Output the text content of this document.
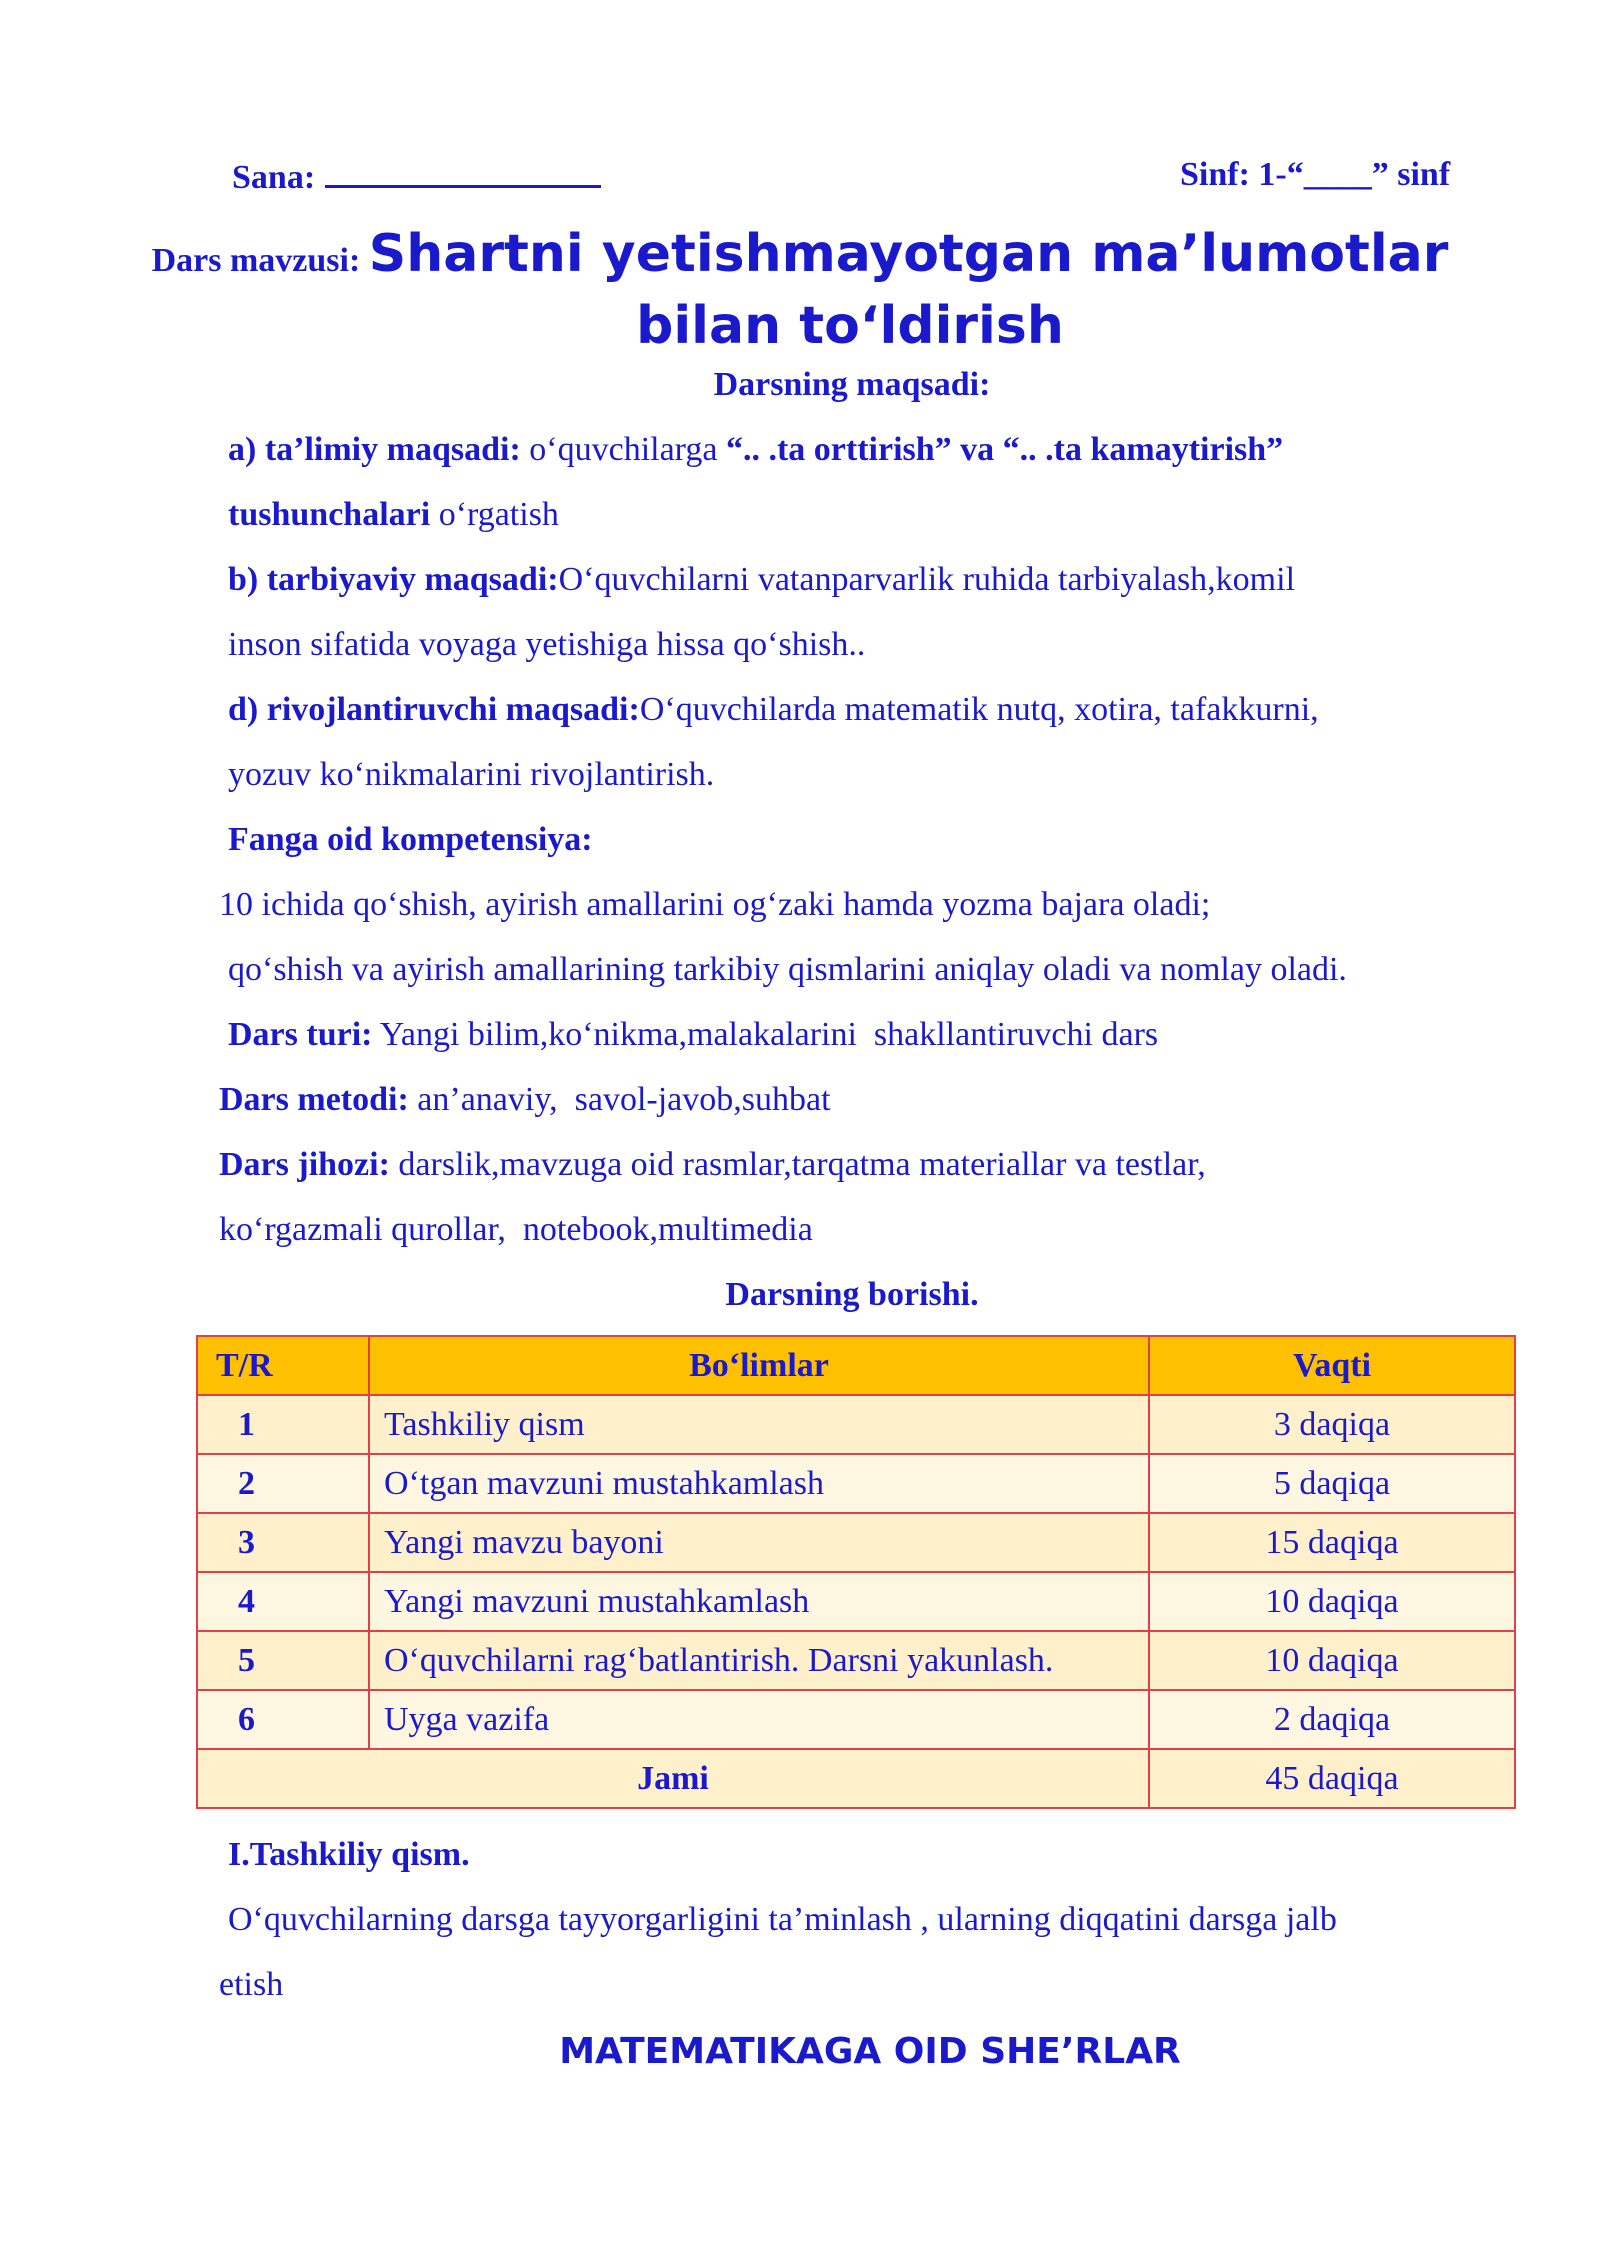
Sana:	Sinf: 1-“____” sinf
Dars mavzusi: Shartni yetishmayotgan ma’lumotlar
bilan to‘ldirish
Darsning maqsadi:
a) ta’limiy maqsadi: o‘quvchilarga “.. .ta orttirish” va “.. .ta kamaytirish”
tushunchalari o‘rgatish
b) tarbiyaviy maqsadi:O‘quvchilarni vatanparvarlik ruhida tarbiyalash,komil
inson sifatida voyaga yetishiga hissa qo‘shish..
d) rivojlantiruvchi maqsadi:O‘quvchilarda matematik nutq, xotira, tafakkurni,
yozuv ko‘nikmalarini rivojlantirish.
Fanga oid kompetensiya:
10 ichida qo‘shish, ayirish amallarini og‘zaki hamda yozma bajara oladi;
qo‘shish va ayirish amallarining tarkibiy qismlarini aniqlay oladi va nomlay oladi.
Dars turi: Yangi bilim,ko‘nikma,malakalarini  shakllantiruvchi dars
Dars metodi: an’anaviy,  savol-javob,suhbat
Dars jihozi: darslik,mavzuga oid rasmlar,tarqatma materiallar va testlar,
ko‘rgazmali qurollar,  notebook,multimedia
Darsning borishi.
T/R	Bo‘limlar	Vaqti
1	Tashkiliy qism	3 daqiqa
2	O‘tgan mavzuni mustahkamlash	5 daqiqa
3	Yangi mavzu bayoni	15 daqiqa
4	Yangi mavzuni mustahkamlash	10 daqiqa
5	O‘quvchilarni rag‘batlantirish. Darsni yakunlash.	10 daqiqa
6	Uyga vazifa	2 daqiqa
Jami		45 daqiqa
I.Tashkiliy qism.
O‘quvchilarning darsga tayyorgarligini ta’minlash , ularning diqqatini darsga jalb
etish
MATEMATIKAGA OID SHE’RLAR
